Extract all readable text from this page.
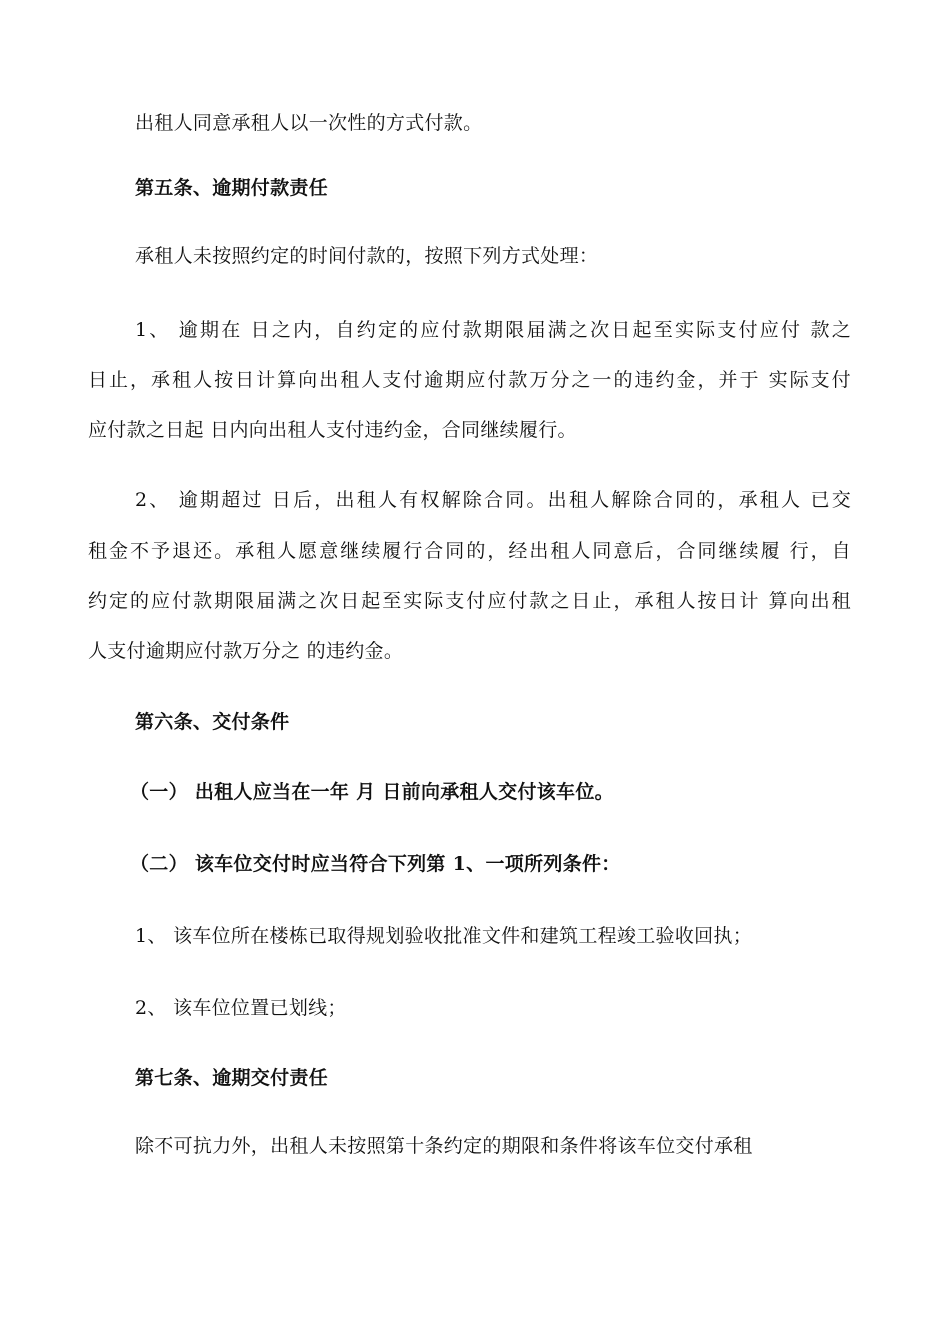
出租人同意承租人以一次性的方式付款。
第五条、逾期付款责任
承租人未按照约定的时间付款的，按照下列方式处理：
1、 逾期在 日之内，自约定的应付款期限届满之次日起至实际支付应付 款之
日止，承租人按日计算向出租人支付逾期应付款万分之一的违约金，并于 实际支付
应付款之日起 日内向出租人支付违约金，合同继续履行。
2、 逾期超过 日后，出租人有权解除合同。出租人解除合同的，承租人 已交
租金不予退还。承租人愿意继续履行合同的，经出租人同意后，合同继续履 行，自
约定的应付款期限届满之次日起至实际支付应付款之日止，承租人按日计 算向出租
人支付逾期应付款万分之 的违约金。
第六条、交付条件
（一） 出租人应当在一年 月 日前向承租人交付该车位。
（二） 该车位交付时应当符合下列第 1、一项所列条件：
1、 该车位所在楼栋已取得规划验收批准文件和建筑工程竣工验收回执；
2、 该车位位置已划线；
第七条、逾期交付责任
除不可抗力外，出租人未按照第十条约定的期限和条件将该车位交付承租
